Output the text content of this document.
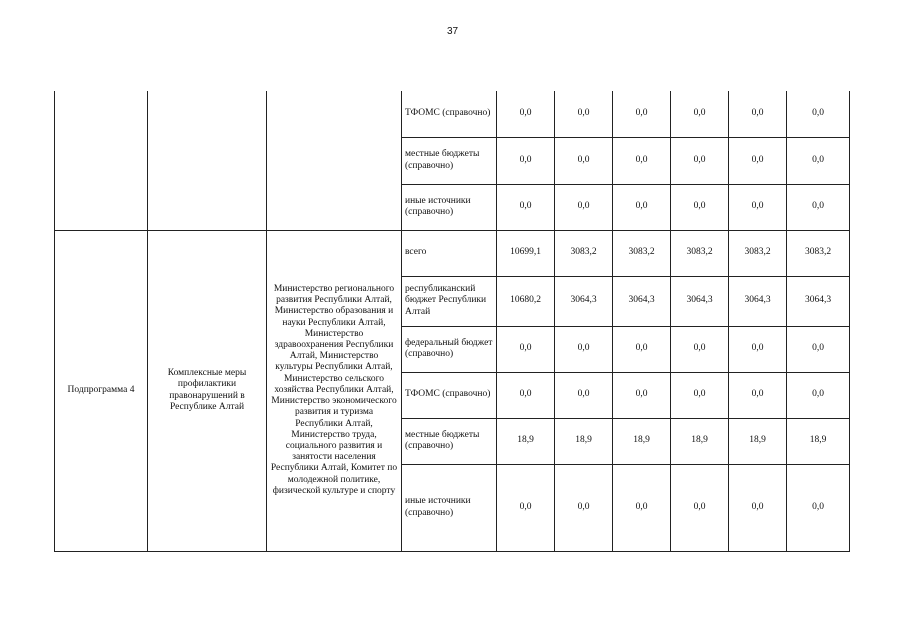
37
			ТФОМС (справочно)	0,0	0,0	0,0	0,0	0,0	0,0
			местные бюджеты (справочно)	0,0	0,0	0,0	0,0	0,0	0,0
			иные источники (справочно)	0,0	0,0	0,0	0,0	0,0	0,0
Подпрограмма 4	Комплексные меры профилактики правонарушений в Республике Алтай	Министерство регионального развития Республики Алтай, Министерство образования и науки Республики Алтай, Министерство здравоохранения Республики Алтай, Министерство культуры Республики Алтай, Министерство сельского хозяйства Республики Алтай, Министерство экономического развития и туризма Республики Алтай, Министерство труда, социального развития и занятости населения Республики Алтай, Комитет по молодежной политике, физической культуре и спорту	всего	10699,1	3083,2	3083,2	3083,2	3083,2	3083,2
			республиканский бюджет Республики Алтай	10680,2	3064,3	3064,3	3064,3	3064,3	3064,3
			федеральный бюджет (справочно)	0,0	0,0	0,0	0,0	0,0	0,0
			ТФОМС (справочно)	0,0	0,0	0,0	0,0	0,0	0,0
			местные бюджеты (справочно)	18,9	18,9	18,9	18,9	18,9	18,9
			иные источники (справочно)	0,0	0,0	0,0	0,0	0,0	0,0
